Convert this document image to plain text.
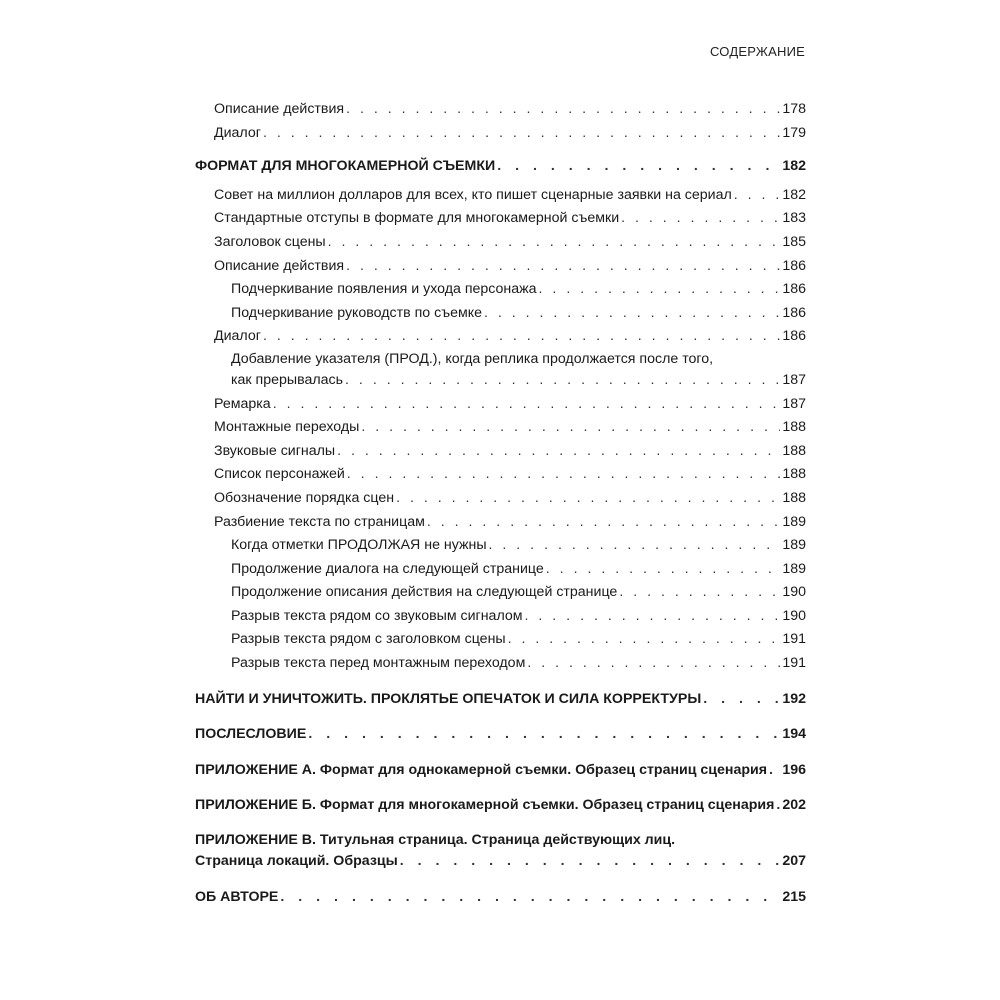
СОДЕРЖАНИЕ
Описание действия . . .	178
Диалог . . .	179
ФОРМАТ ДЛЯ МНОГОКАМЕРНОЙ СЪЕМКИ . . .	182
Совет на миллион долларов для всех, кто пишет сценарные заявки на сериал . . .	182
Стандартные отступы в формате для многокамерной съемки . . .	183
Заголовок сцены . . .	185
Описание действия . . .	186
Подчеркивание появления и ухода персонажа . . .	186
Подчеркивание руководств по съемке . . .	186
Диалог . . .	186
Добавление указателя (ПРОД.), когда реплика продолжается после того,
как прерывалась . . .	187
Ремарка . . .	187
Монтажные переходы . . .	188
Звуковые сигналы . . .	188
Список персонажей . . .	188
Обозначение порядка сцен . . .	188
Разбиение текста по страницам . . .	189
Когда отметки ПРОДОЛЖАЯ не нужны . . .	189
Продолжение диалога на следующей странице . . .	189
Продолжение описания действия на следующей странице . . .	190
Разрыв текста рядом со звуковым сигналом . . .	190
Разрыв текста рядом с заголовком сцены . . .	191
Разрыв текста перед монтажным переходом . . .	191
НАЙТИ И УНИЧТОЖИТЬ. ПРОКЛЯТЬЕ ОПЕЧАТОК И СИЛА КОРРЕКТУРЫ . . .	192
ПОСЛЕСЛОВИЕ . . .	194
ПРИЛОЖЕНИЕ А. Формат для однокамерной съемки. Образец страниц сценария . . . 196
ПРИЛОЖЕНИЕ Б. Формат для многокамерной съемки. Образец страниц сценария . . . 202
ПРИЛОЖЕНИЕ В. Титульная страница. Страница действующих лиц.
Страница локаций. Образцы . . .	207
ОБ АВТОРЕ . . .	215
